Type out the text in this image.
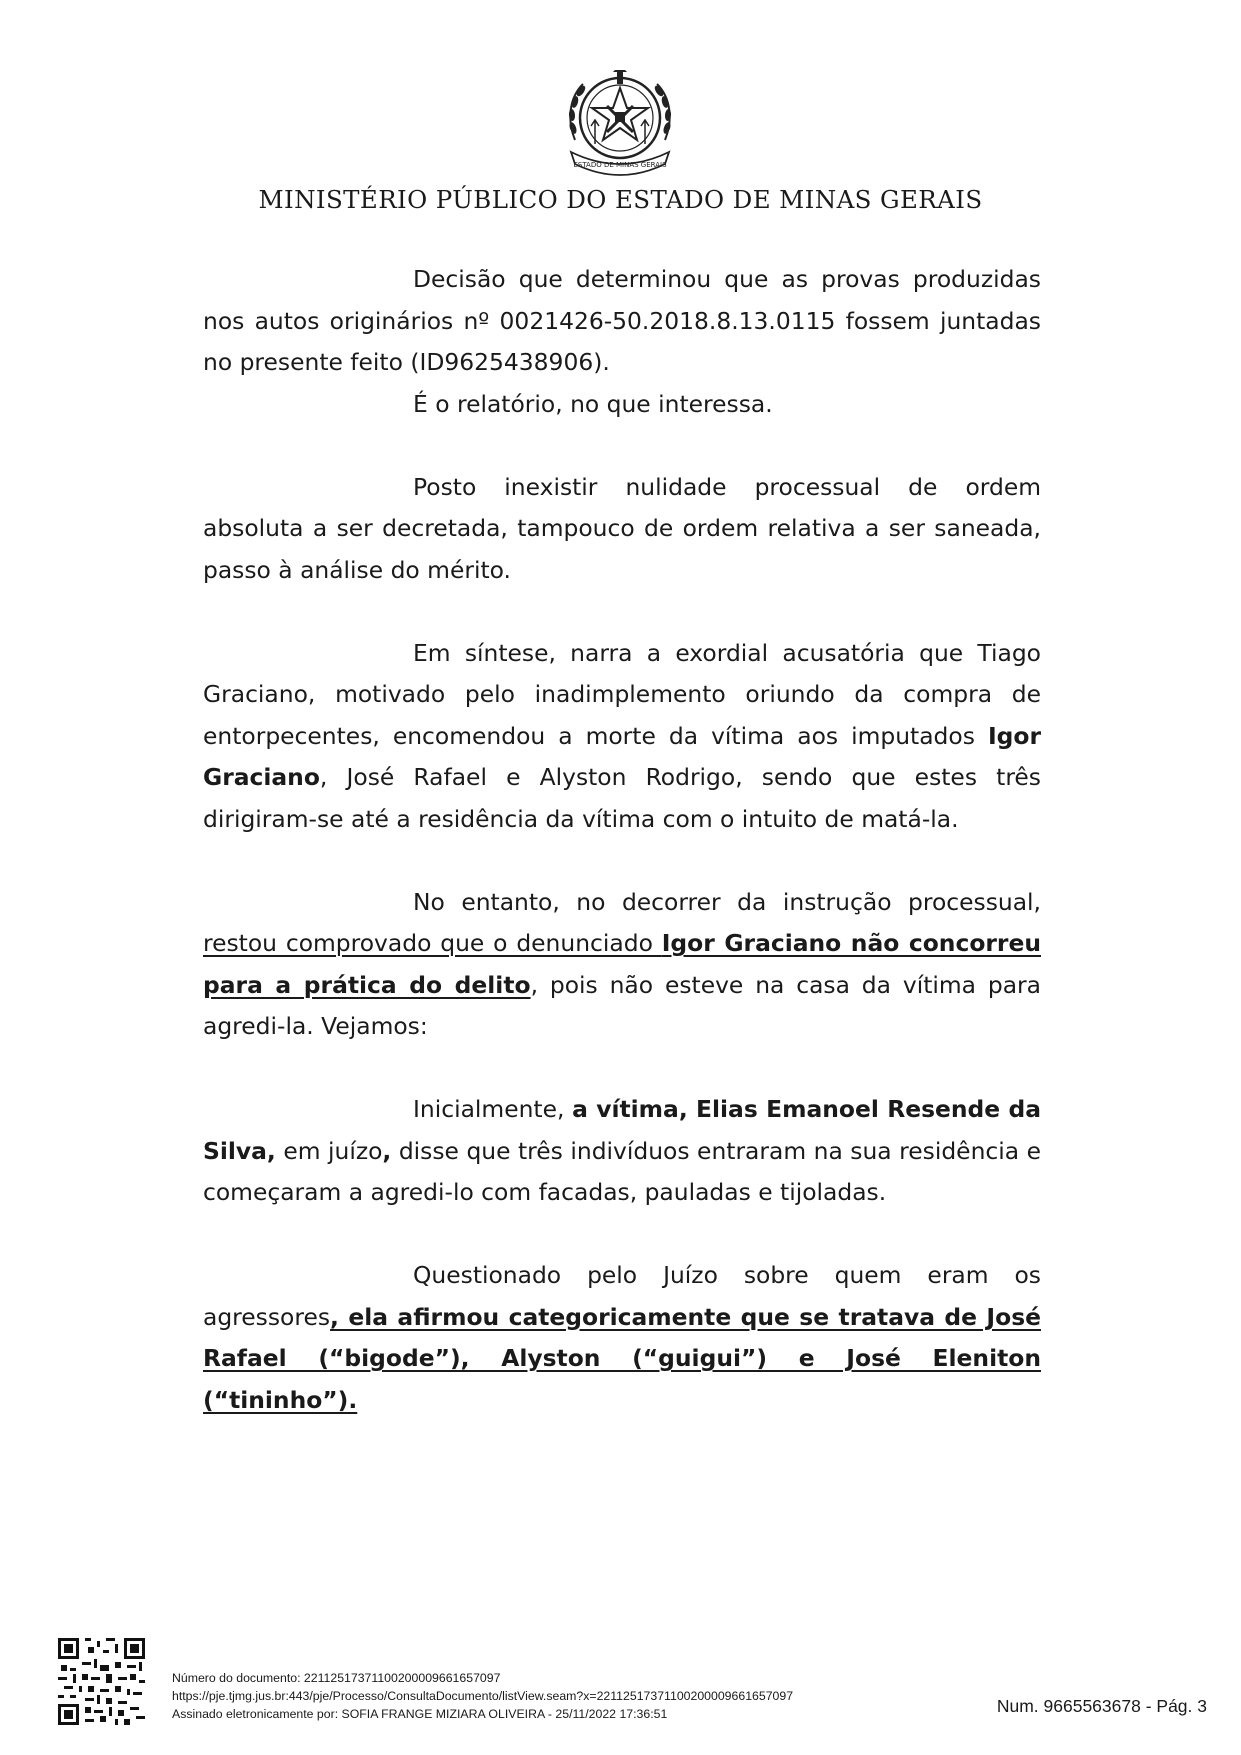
ESTADO DE MINAS GERAIS
MINISTÉRIO PÚBLICO DO ESTADO DE MINAS GERAIS

Decisão que determinou que as provas produzidas nos autos originários nº 0021426-50.2018.8.13.0115 fossem juntadas no presente feito (ID9625438906).

É o relatório, no que interessa.

Posto inexistir nulidade processual de ordem absoluta a ser decretada, tampouco de ordem relativa a ser saneada, passo à análise do mérito.

Em síntese, narra a exordial acusatória que Tiago Graciano, motivado pelo inadimplemento oriundo da compra de entorpecentes, encomendou a morte da vítima aos imputados Igor Graciano, José Rafael e Alyston Rodrigo, sendo que estes três dirigiram-se até a residência da vítima com o intuito de matá-la.

No entanto, no decorrer da instrução processual, restou comprovado que o denunciado Igor Graciano não concorreu para a prática do delito, pois não esteve na casa da vítima para agredi-la. Vejamos:

Inicialmente, a vítima, Elias Emanoel Resende da Silva, em juízo, disse que três indivíduos entraram na sua residência e começaram a agredi-lo com facadas, pauladas e tijoladas.

Questionado pelo Juízo sobre quem eram os agressores, ela afirmou categoricamente que se tratava de José Rafael (“bigode”), Alyston (“guigui”) e José Eleniton (“tininho”).

Número do documento: 22112517371100200009661657097
https://pje.tjmg.jus.br:443/pje/Processo/ConsultaDocumento/listView.seam?x=22112517371100200009661657097
Assinado eletronicamente por: SOFIA FRANGE MIZIARA OLIVEIRA - 25/11/2022 17:36:51	Num. 9665563678 - Pág. 3
